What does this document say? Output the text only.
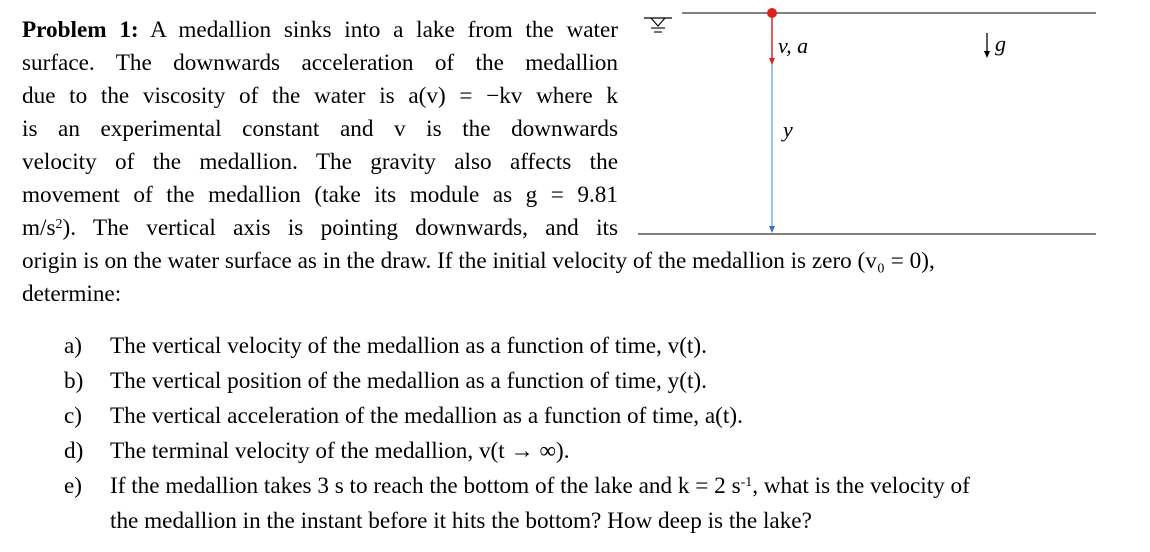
Problem 1: A medallion sinks into a lake from the water
surface. The downwards acceleration of the medallion
due to the viscosity of the water is a(v) = −kv where k
is an experimental constant and v is the downwards
velocity of the medallion. The gravity also affects the
movement of the medallion (take its module as g = 9.81
$m/s^2$). The vertical axis is pointing downwards, and its
origin is on the water surface as in the draw. If the initial velocity of the medallion is zero (v₀ = 0),
determine:
a)	The vertical velocity of the medallion as a function of time, v(t).
b)	The vertical position of the medallion as a function of time, y(t).
c)	The vertical acceleration of the medallion as a function of time, a(t).
d)	The terminal velocity of the medallion, v(t → ∞).
e)	If the medallion takes 3 s to reach the bottom of the lake and k = 2 $s^{-1}$, what is the velocity of
the medallion in the instant before it hits the bottom? How deep is the lake?
v, a	g
y
